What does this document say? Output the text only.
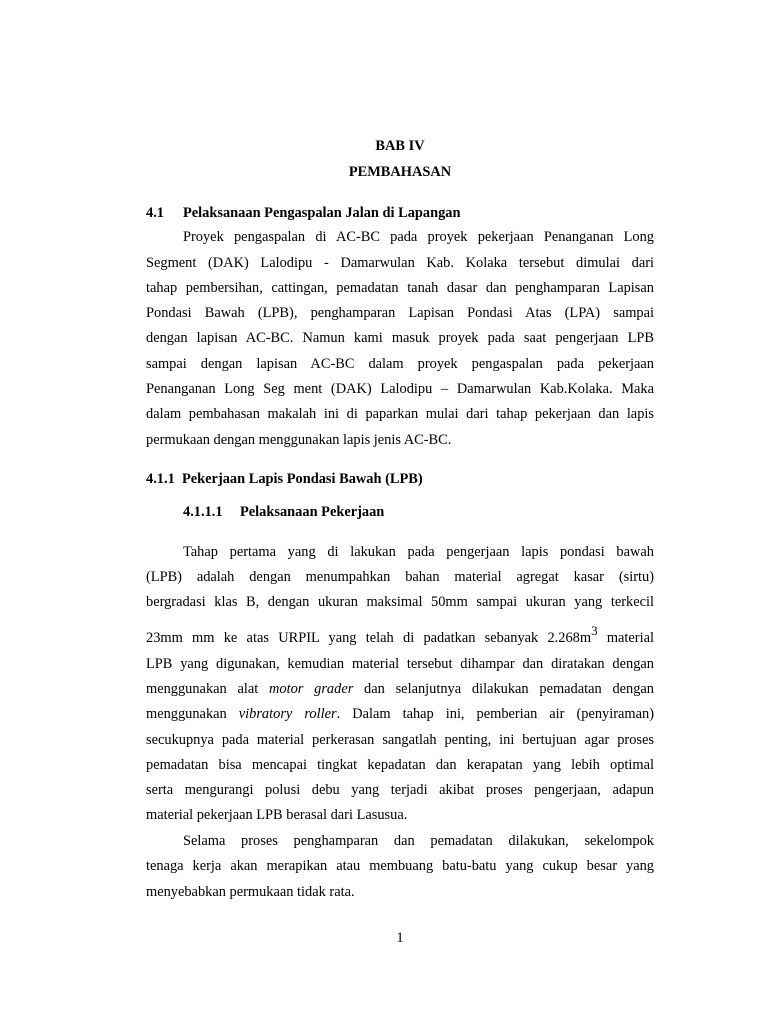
BAB IV
PEMBAHASAN
4.1 Pelaksanaan Pengaspalan Jalan di Lapangan
Proyek pengaspalan di AC-BC pada proyek pekerjaan Penanganan Long
Segment (DAK) Lalodipu - Damarwulan Kab. Kolaka tersebut dimulai dari
tahap pembersihan, cattingan, pemadatan tanah dasar dan penghamparan Lapisan
Pondasi Bawah (LPB), penghamparan Lapisan Pondasi Atas (LPA) sampai
dengan lapisan AC-BC. Namun kami masuk proyek pada saat pengerjaan LPB
sampai dengan lapisan AC-BC dalam proyek pengaspalan pada pekerjaan
Penanganan Long Seg ment (DAK) Lalodipu – Damarwulan Kab.Kolaka. Maka
dalam pembahasan makalah ini di paparkan mulai dari tahap pekerjaan dan lapis
permukaan dengan menggunakan lapis jenis AC-BC.
4.1.1 Pekerjaan Lapis Pondasi Bawah (LPB)
4.1.1.1 Pelaksanaan Pekerjaan
Tahap pertama yang di lakukan pada pengerjaan lapis pondasi bawah
(LPB) adalah dengan menumpahkan bahan material agregat kasar (sirtu)
bergradasi klas B, dengan ukuran maksimal 50mm sampai ukuran yang terkecil
23mm mm ke atas URPIL yang telah di padatkan sebanyak $2.268m^3$ material
LPB yang digunakan, kemudian material tersebut dihampar dan diratakan dengan
menggunakan alat motor grader dan selanjutnya dilakukan pemadatan dengan
menggunakan vibratory roller. Dalam tahap ini, pemberian air (penyiraman)
secukupnya pada material perkerasan sangatlah penting, ini bertujuan agar proses
pemadatan bisa mencapai tingkat kepadatan dan kerapatan yang lebih optimal
serta mengurangi polusi debu yang terjadi akibat proses pengerjaan, adapun
material pekerjaan LPB berasal dari Lasusua.
Selama proses penghamparan dan pemadatan dilakukan, sekelompok
tenaga kerja akan merapikan atau membuang batu-batu yang cukup besar yang
menyebabkan permukaan tidak rata.
1
